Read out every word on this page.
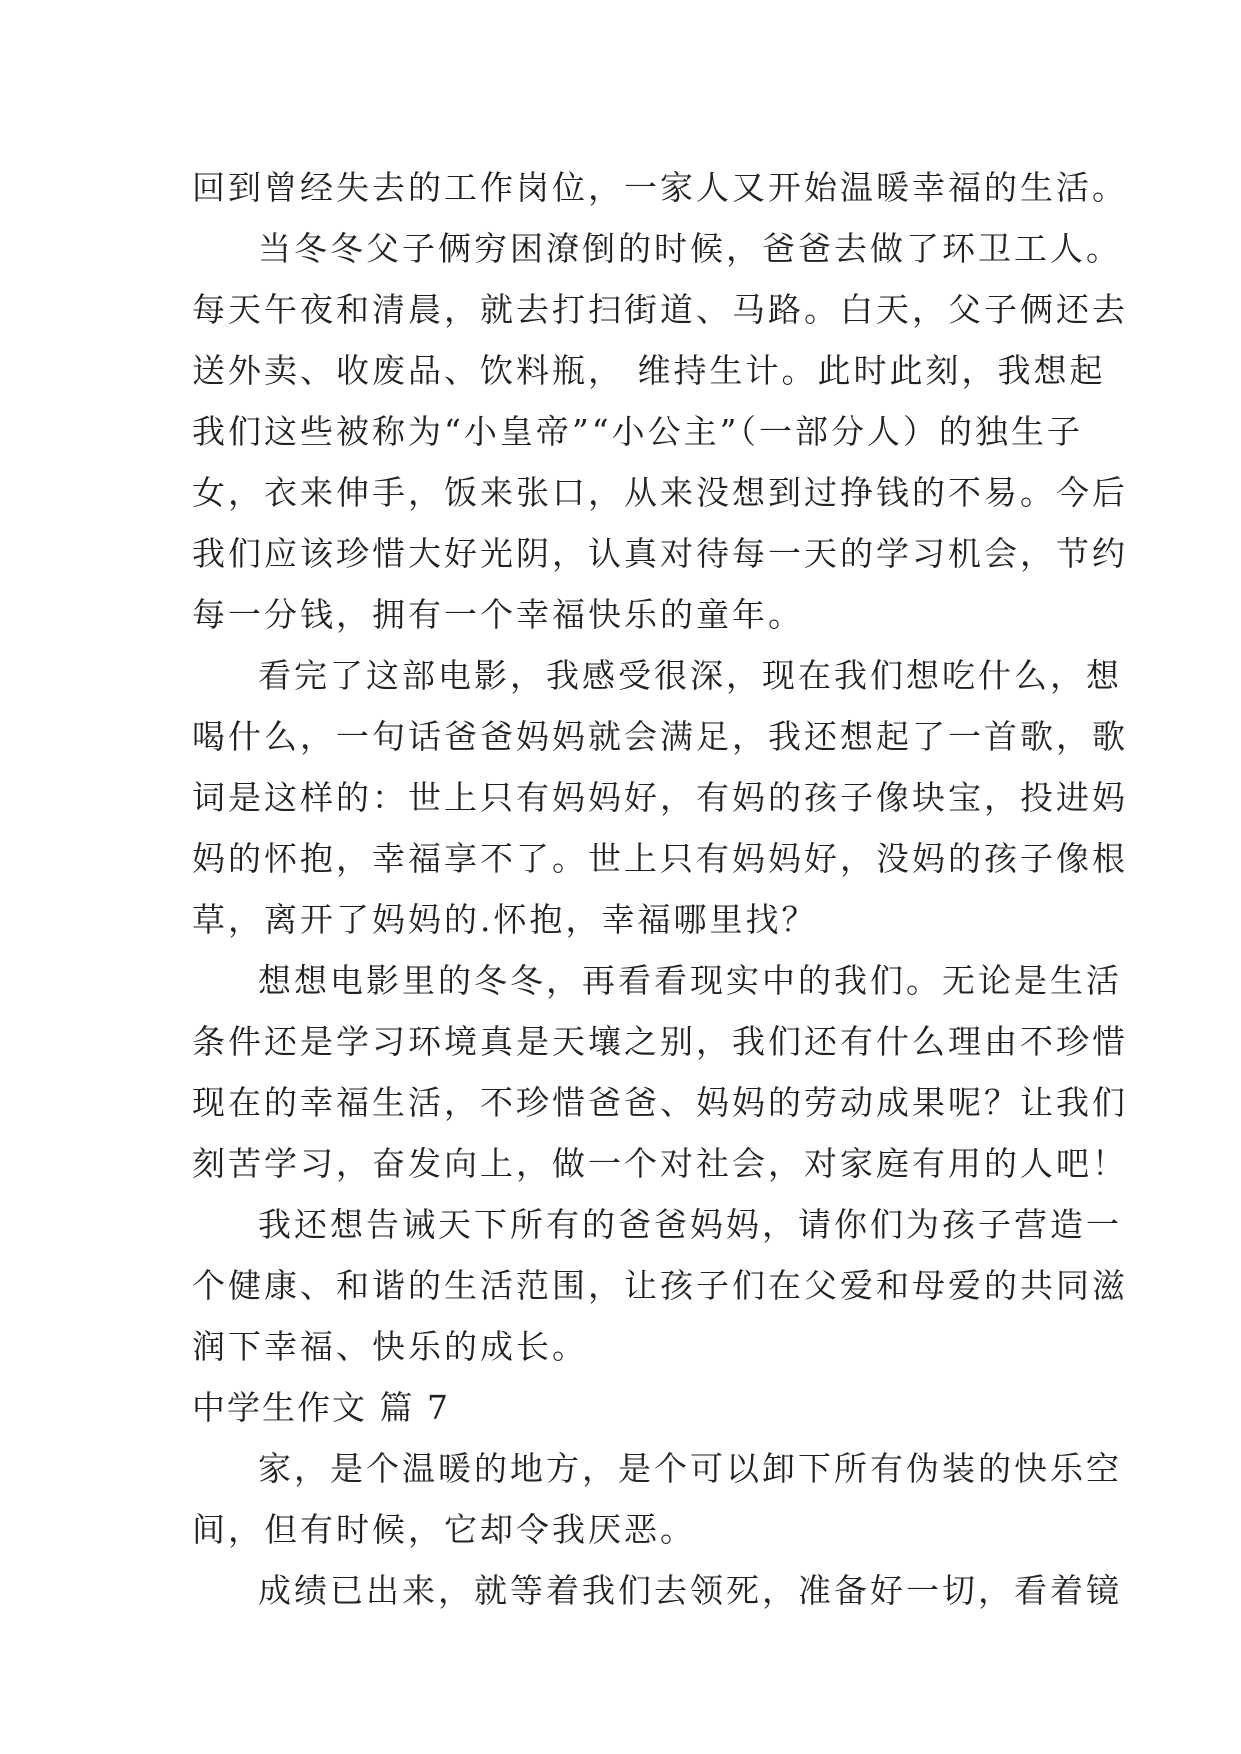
回到曾经失去的工作岗位，一家人又开始温暖幸福的生活。
当冬冬父子俩穷困潦倒的时候，爸爸去做了环卫工人。
每天午夜和清晨，就去打扫街道、马路。白天，父子俩还去
送外卖、收废品、饮料瓶， 维持生计。此时此刻，我想起
我们这些被称为“小皇帝”“小公主”（一部分人）的独生子
女，衣来伸手，饭来张口，从来没想到过挣钱的不易。今后
我们应该珍惜大好光阴，认真对待每一天的学习机会，节约
每一分钱，拥有一个幸福快乐的童年。
看完了这部电影，我感受很深，现在我们想吃什么，想
喝什么，一句话爸爸妈妈就会满足，我还想起了一首歌，歌
词是这样的：世上只有妈妈好，有妈的孩子像块宝，投进妈
妈的怀抱，幸福享不了。世上只有妈妈好，没妈的孩子像根
草，离开了妈妈的.怀抱，幸福哪里找？
想想电影里的冬冬，再看看现实中的我们。无论是生活
条件还是学习环境真是天壤之别，我们还有什么理由不珍惜
现在的幸福生活，不珍惜爸爸、妈妈的劳动成果呢？让我们
刻苦学习，奋发向上，做一个对社会，对家庭有用的人吧！
我还想告诫天下所有的爸爸妈妈，请你们为孩子营造一
个健康、和谐的生活范围，让孩子们在父爱和母爱的共同滋
润下幸福、快乐的成长。
中学生作文 篇 7
家，是个温暖的地方，是个可以卸下所有伪装的快乐空
间，但有时候，它却令我厌恶。
成绩已出来，就等着我们去领死，准备好一切，看着镜
